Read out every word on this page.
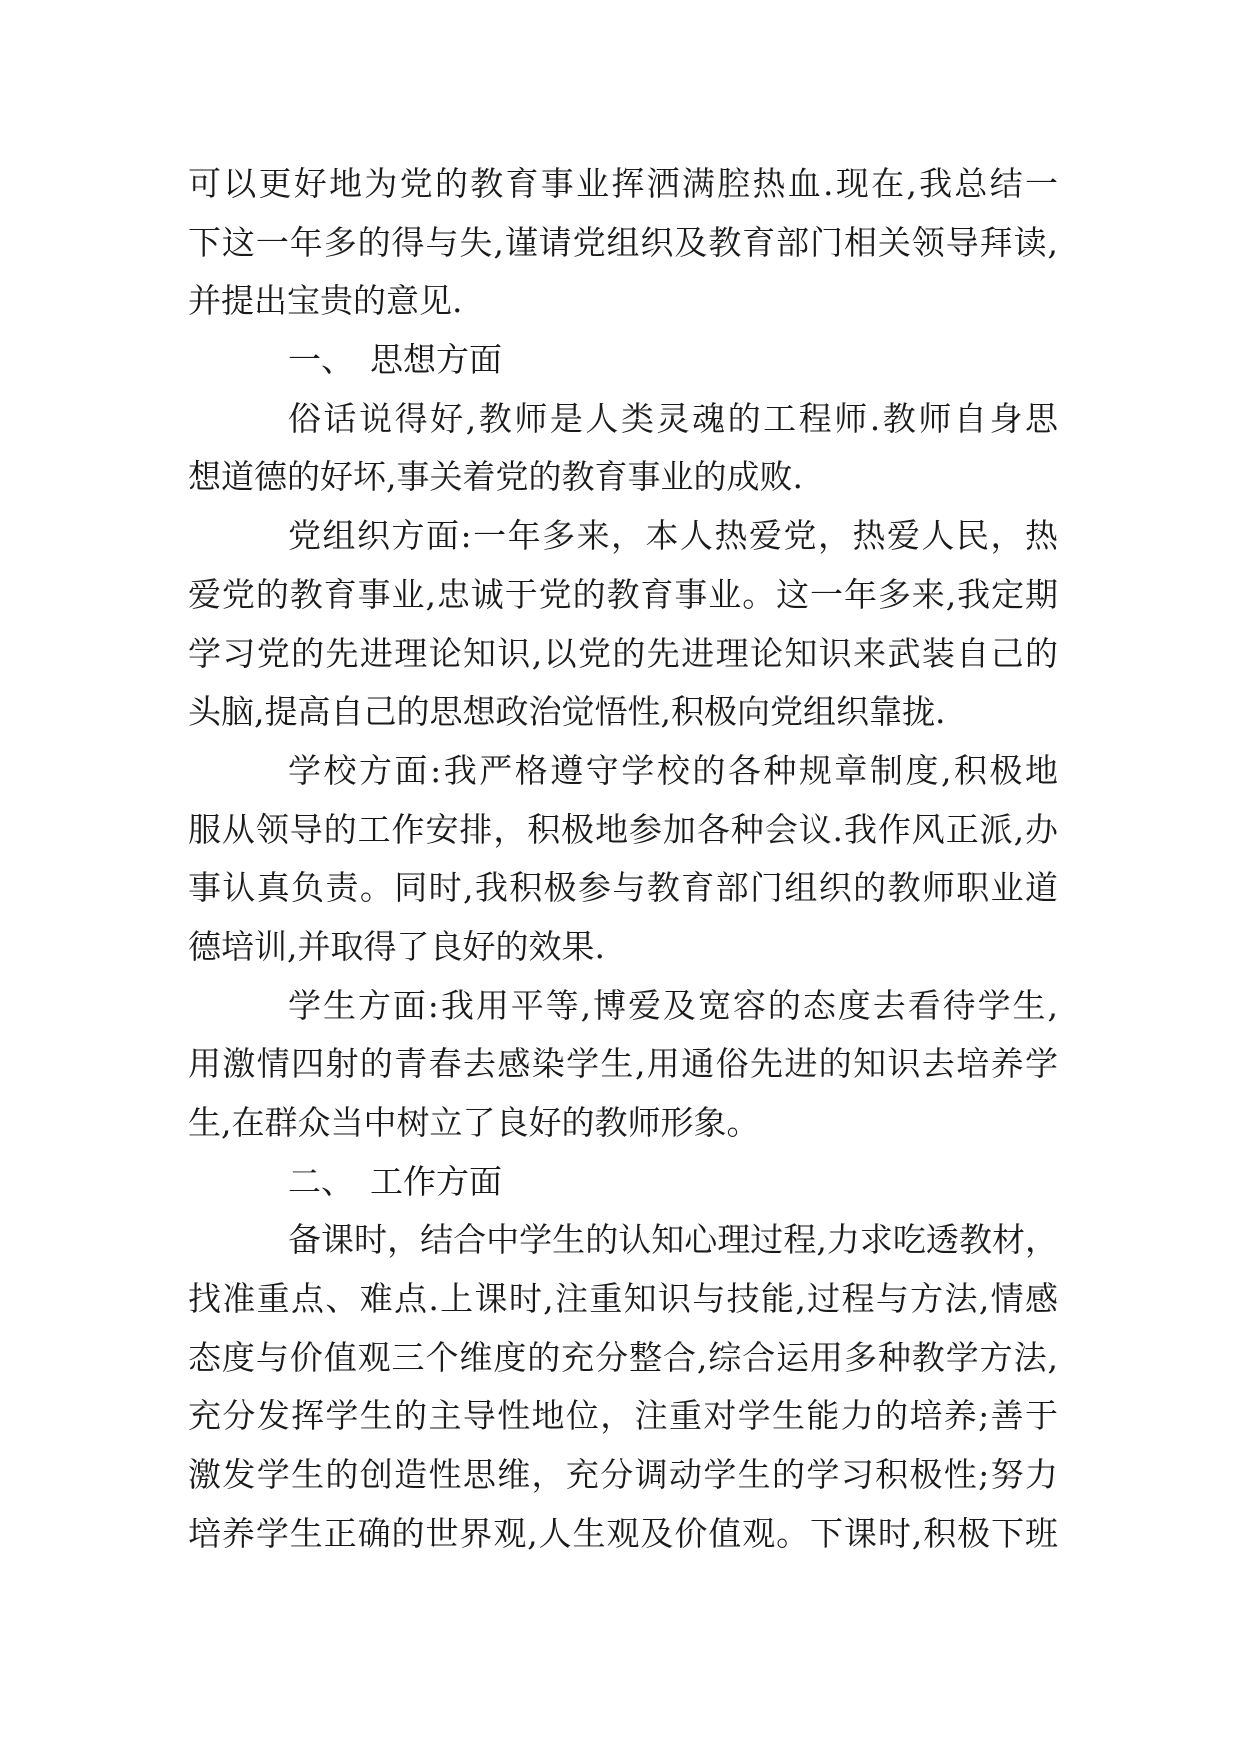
可以更好地为党的教育事业挥洒满腔热血.现在,我总结一
下这一年多的得与失,谨请党组织及教育部门相关领导拜读,
并提出宝贵的意见.
一、 思想方面
俗话说得好,教师是人类灵魂的工程师.教师自身思
想道德的好坏,事关着党的教育事业的成败.
党组织方面:一年多来，本人热爱党，热爱人民，热
爱党的教育事业,忠诚于党的教育事业。这一年多来,我定期
学习党的先进理论知识,以党的先进理论知识来武装自己的
头脑,提高自己的思想政治觉悟性,积极向党组织靠拢.
学校方面:我严格遵守学校的各种规章制度,积极地
服从领导的工作安排，积极地参加各种会议.我作风正派,办
事认真负责。同时,我积极参与教育部门组织的教师职业道
德培训,并取得了良好的效果.
学生方面:我用平等,博爱及宽容的态度去看待学生,
用激情四射的青春去感染学生,用通俗先进的知识去培养学
生,在群众当中树立了良好的教师形象。
二、 工作方面
备课时，结合中学生的认知心理过程,力求吃透教材，
找准重点、难点.上课时,注重知识与技能,过程与方法,情感
态度与价值观三个维度的充分整合,综合运用多种教学方法,
充分发挥学生的主导性地位，注重对学生能力的培养;善于
激发学生的创造性思维，充分调动学生的学习积极性;努力
培养学生正确的世界观,人生观及价值观。下课时,积极下班
